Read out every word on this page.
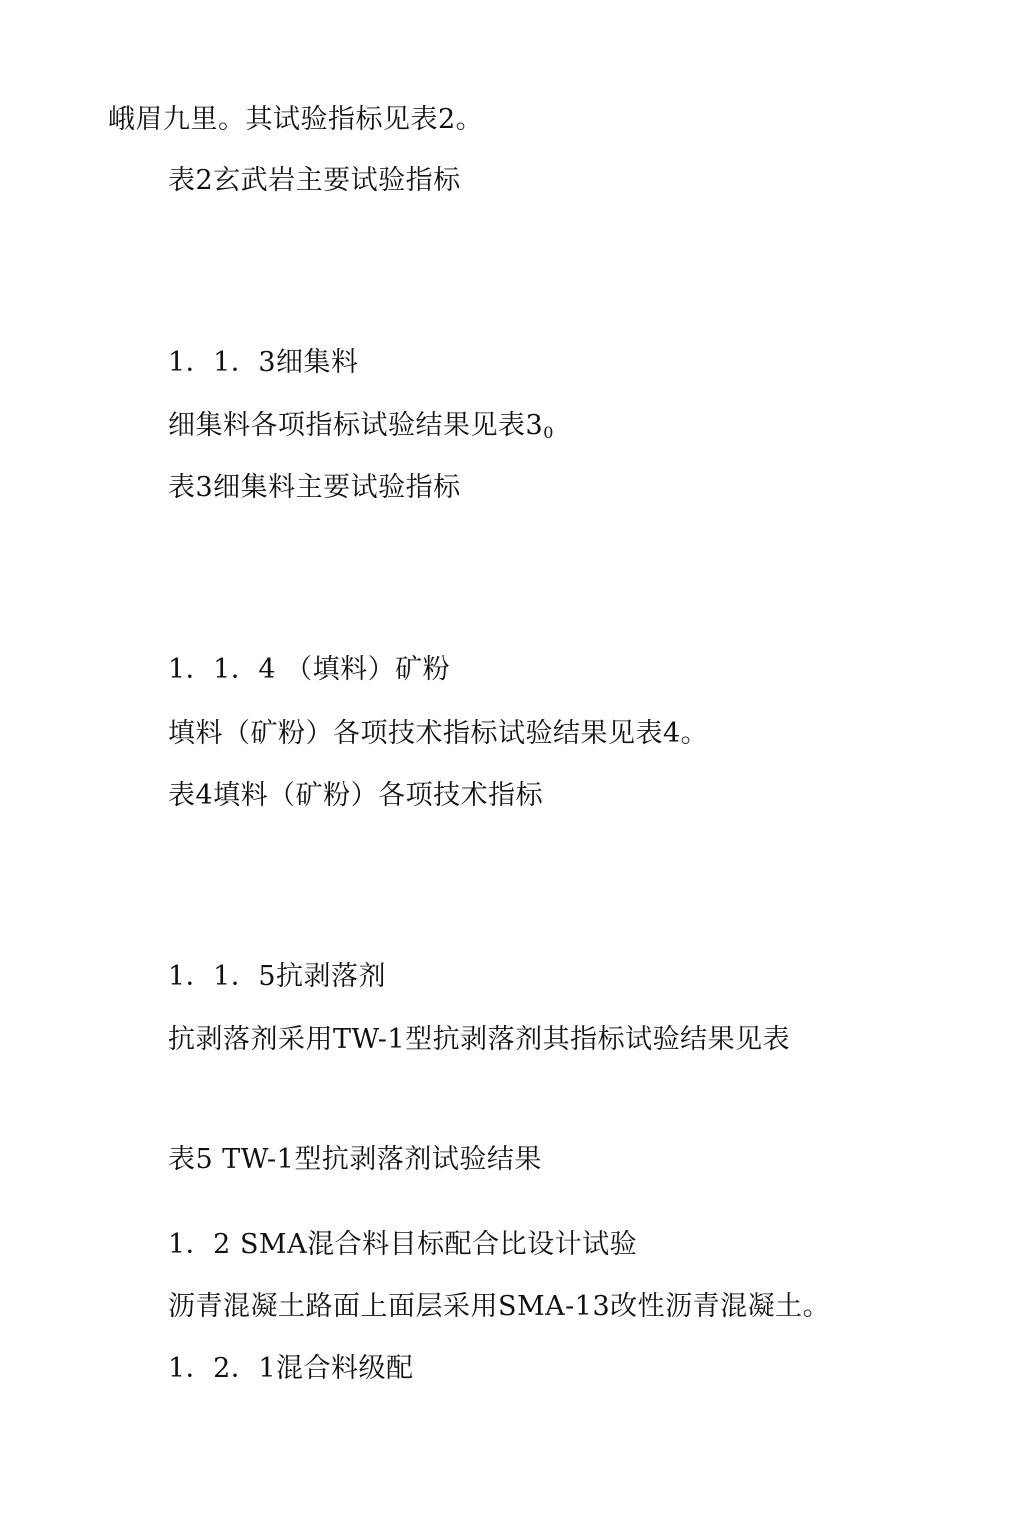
峨眉九里。其试验指标见表2。
表2玄武岩主要试验指标
1．1．3细集料
细集料各项指标试验结果见表$3_0$
表3细集料主要试验指标
1．1．4 （填料）矿粉
填料（矿粉）各项技术指标试验结果见表4。
表4填料（矿粉）各项技术指标
1．1．5抗剥落剂
抗剥落剂采用TW-1型抗剥落剂其指标试验结果见表
表5 TW-1型抗剥落剂试验结果
1．2 SMA混合料目标配合比设计试验
沥青混凝土路面上面层采用SMA-13改性沥青混凝土。
1．2．1混合料级配
